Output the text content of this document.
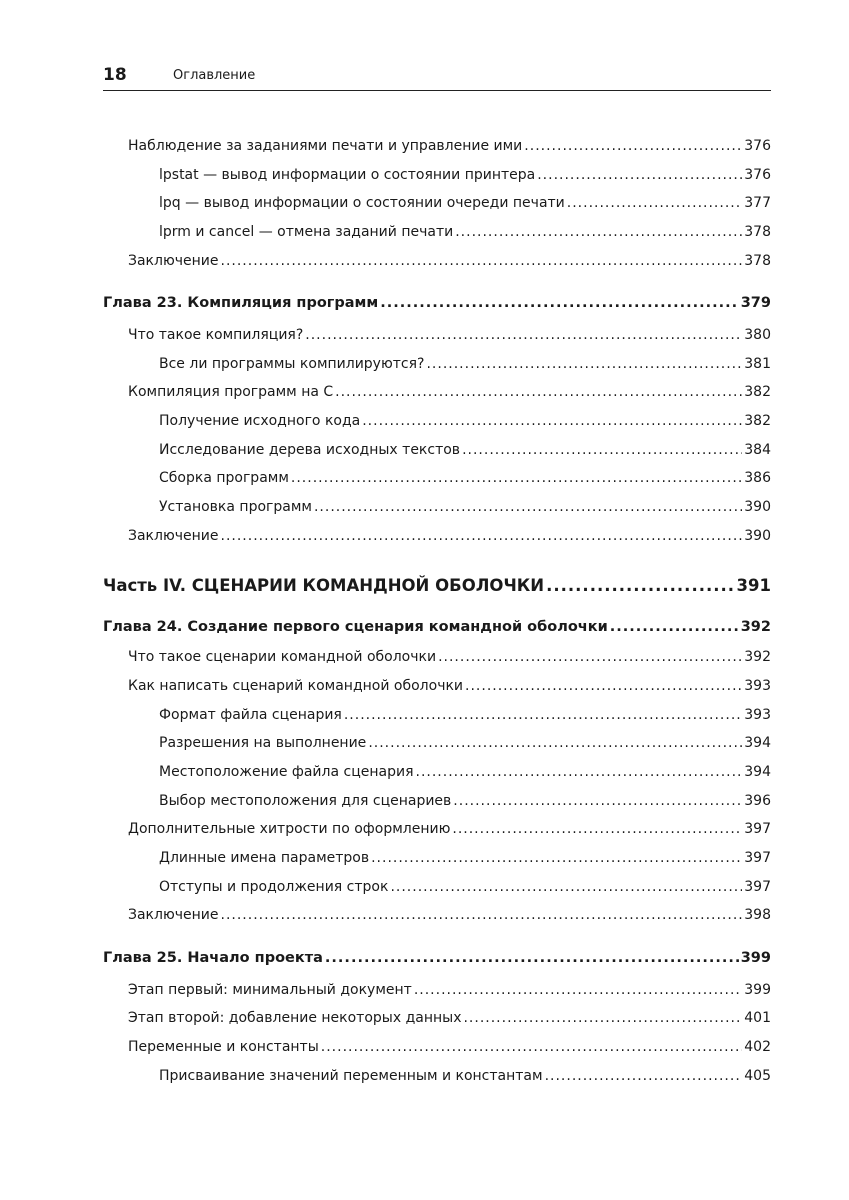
18	Оглавление
Наблюдение за заданиями печати и управление ими .....	376
lpstat — вывод информации о состоянии принтера .....	376
lpq — вывод информации о состоянии очереди печати .....	377
lprm и cancel — отмена заданий печати .....	378
Заключение .....	378
Глава 23. Компиляция программ .....	379
Что такое компиляция? .....	380
Все ли программы компилируются? .....	381
Компиляция программ на С .....	382
Получение исходного кода .....	382
Исследование дерева исходных текстов .....	384
Сборка программ .....	386
Установка программ .....	390
Заключение .....	390
Часть IV. СЦЕНАРИИ КОМАНДНОЙ ОБОЛОЧКИ .....	391
Глава 24. Создание первого сценария командной оболочки .....	392
Что такое сценарии командной оболочки .....	392
Как написать сценарий командной оболочки .....	393
Формат файла сценария .....	393
Разрешения на выполнение .....	394
Местоположение файла сценария .....	394
Выбор местоположения для сценариев .....	396
Дополнительные хитрости по оформлению .....	397
Длинные имена параметров .....	397
Отступы и продолжения строк .....	397
Заключение .....	398
Глава 25. Начало проекта .....	399
Этап первый: минимальный документ .....	399
Этап второй: добавление некоторых данных .....	401
Переменные и константы .....	402
Присваивание значений переменным и константам .....	405
